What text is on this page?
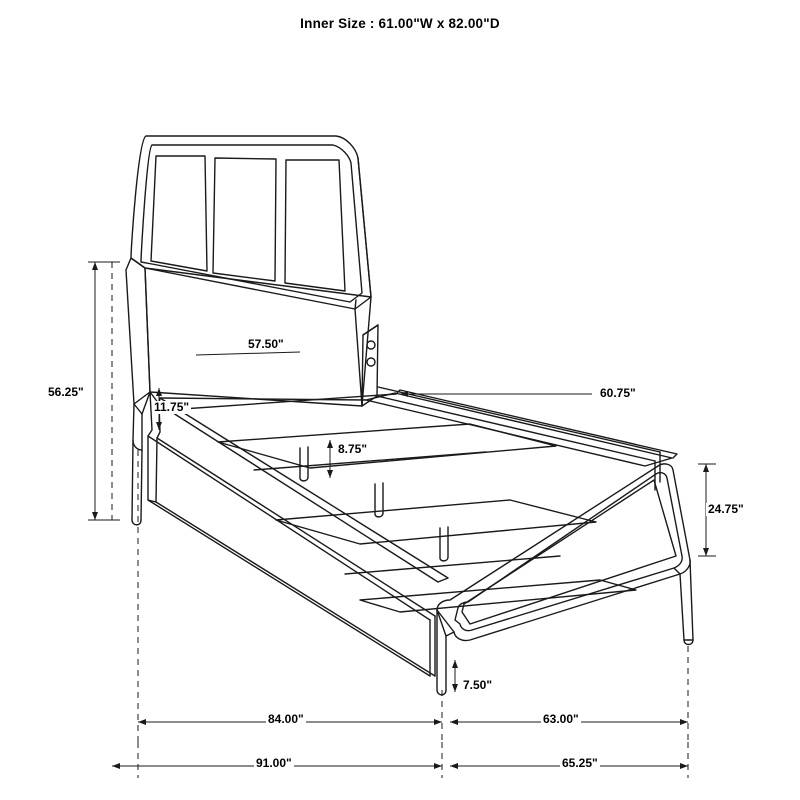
Inner Size : 61.00"W x 82.00"D
56.25"
57.50"
11.75"
8.75"
60.75"
24.75"
7.50"
84.00"	63.00"
91.00"	65.25"
